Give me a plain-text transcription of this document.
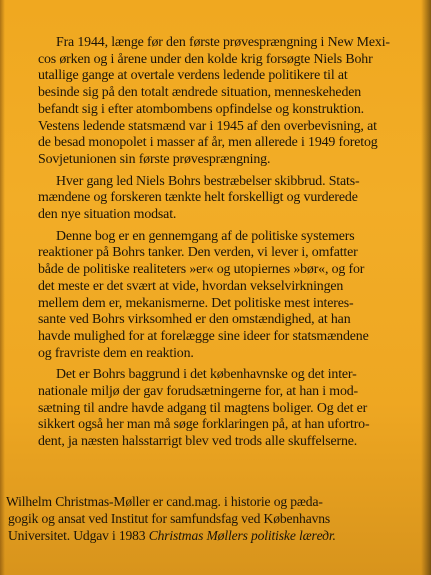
Fra 1944, længe før den første prøvesprængning i New Mexi-
cos ørken og i årene under den kolde krig forsøgte Niels Bohr
utallige gange at overtale verdens ledende politikere til at
besinde sig på den totalt ændrede situation, menneskeheden
befandt sig i efter atombombens opfindelse og konstruktion.
Vestens ledende statsmænd var i 1945 af den overbevisning, at
de besad monopolet i masser af år, men allerede i 1949 foretog
Sovjetunionen sin første prøvesprængning.
Hver gang led Niels Bohrs bestræbelser skibbrud. Stats-
mændene og forskeren tænkte helt forskelligt og vurderede
den nye situation modsat.
Denne bog er en gennemgang af de politiske systemers
reaktioner på Bohrs tanker. Den verden, vi lever i, omfatter
både de politiske realiteters »er« og utopiernes »bør«, og for
det meste er det svært at vide, hvordan vekselvirkningen
mellem dem er, mekanismerne. Det politiske mest interes-
sante ved Bohrs virksomhed er den omstændighed, at han
havde mulighed for at forelægge sine ideer for statsmændene
og fravriste dem en reaktion.
Det er Bohrs baggrund i det københavnske og det inter-
nationale miljø der gav forudsætningerne for, at han i mod-
sætning til andre havde adgang til magtens boliger. Og det er
sikkert også her man må søge forklaringen på, at han ufortro-
dent, ja næsten halsstarrigt blev ved trods alle skuffelserne.
Wilhelm Christmas-Møller er cand.mag. i historie og pæda-
gogik og ansat ved Institut for samfundsfag ved Københavns
Universitet. Udgav i 1983 Christmas Møllers politiske lærедr.
